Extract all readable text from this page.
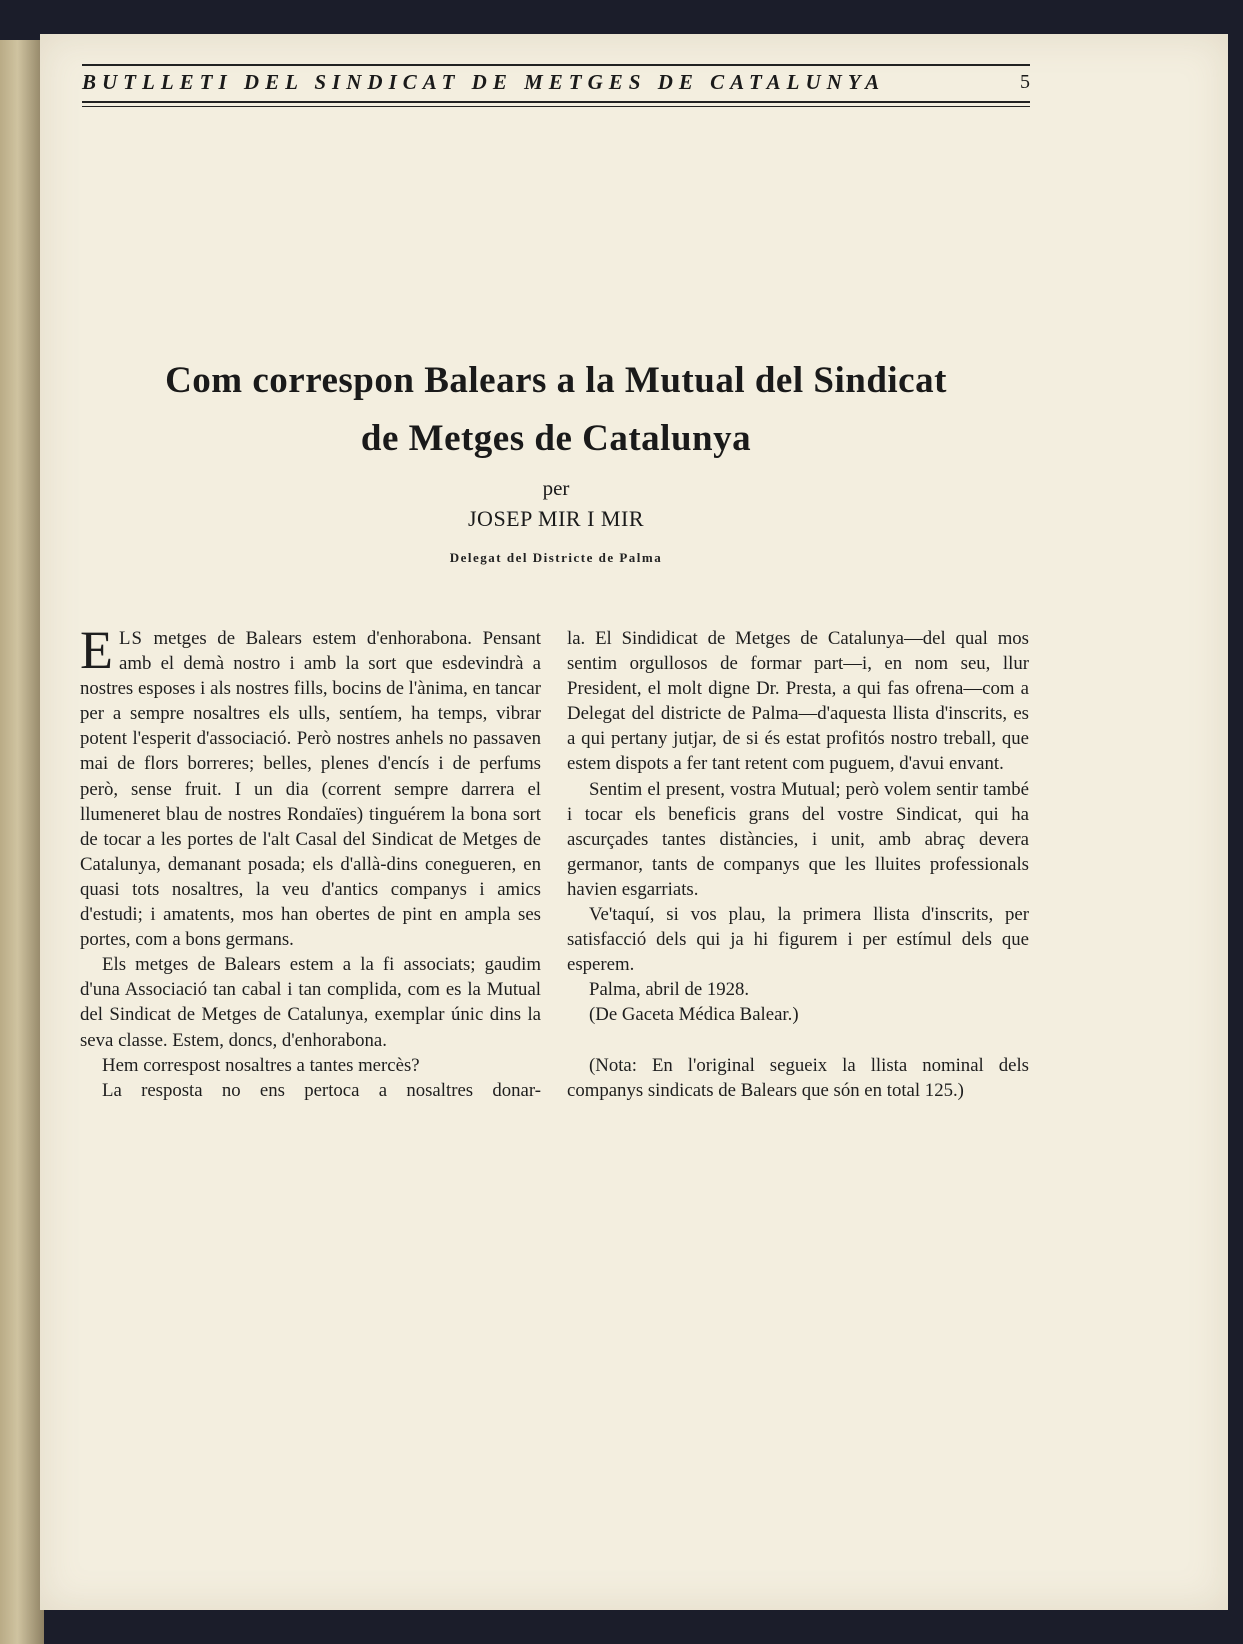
BUTLLETI DEL SINDICAT DE METGES DE CATALUNYA	5
Com correspon Balears a la Mutual del Sindicat
de Metges de Catalunya
per
JOSEP MIR I MIR
Delegat del Districte de Palma

ELS metges de Balears estem d'enhorabona. Pensant amb el demà nostro i amb la sort que esdevindrà a nostres esposes i als nostres fills, bocins de l'ànima, en tancar per a sempre nosaltres els ulls, sentíem, ha temps, vibrar potent l'esperit d'associació. Però nostres anhels no passaven mai de flors borreres; belles, plenes d'encís i de perfums però, sense fruit. I un dia (corrent sempre darrera el llumeneret blau de nostres Rondaïes) tinguérem la bona sort de tocar a les portes de l'alt Casal del Sindicat de Metges de Catalunya, demanant posada; els d'allà-dins conegueren, en quasi tots nosaltres, la veu d'antics companys i amics d'estudi; i amatents, mos han obertes de pint en ampla ses portes, com a bons germans.

Els metges de Balears estem a la fi associats; gaudim d'una Associació tan cabal i tan complida, com es la Mutual del Sindicat de Metges de Catalunya, exemplar únic dins la seva classe. Estem, doncs, d'enhorabona.

Hem correspost nosaltres a tantes mercès?

La resposta no ens pertoca a nosaltres donar-

la. El Sindidicat de Metges de Catalunya—del qual mos sentim orgullosos de formar part—i, en nom seu, llur President, el molt digne Dr. Presta, a qui fas ofrena—com a Delegat del districte de Palma—d'aquesta llista d'inscrits, es a qui pertany jutjar, de si és estat profitós nostro treball, que estem dispots a fer tant retent com puguem, d'avui envant.

Sentim el present, vostra Mutual; però volem sentir també i tocar els beneficis grans del vostre Sindicat, qui ha ascurçades tantes distàncies, i unit, amb abraç devera germanor, tants de companys que les lluites professionals havien esgarriats.

Ve'taquí, si vos plau, la primera llista d'inscrits, per satisfacció dels qui ja hi figurem i per estímul dels que esperem.

Palma, abril de 1928.

(De Gaceta Médica Balear.)

(Nota: En l'original segueix la llista nominal dels companys sindicats de Balears que són en total 125.)
